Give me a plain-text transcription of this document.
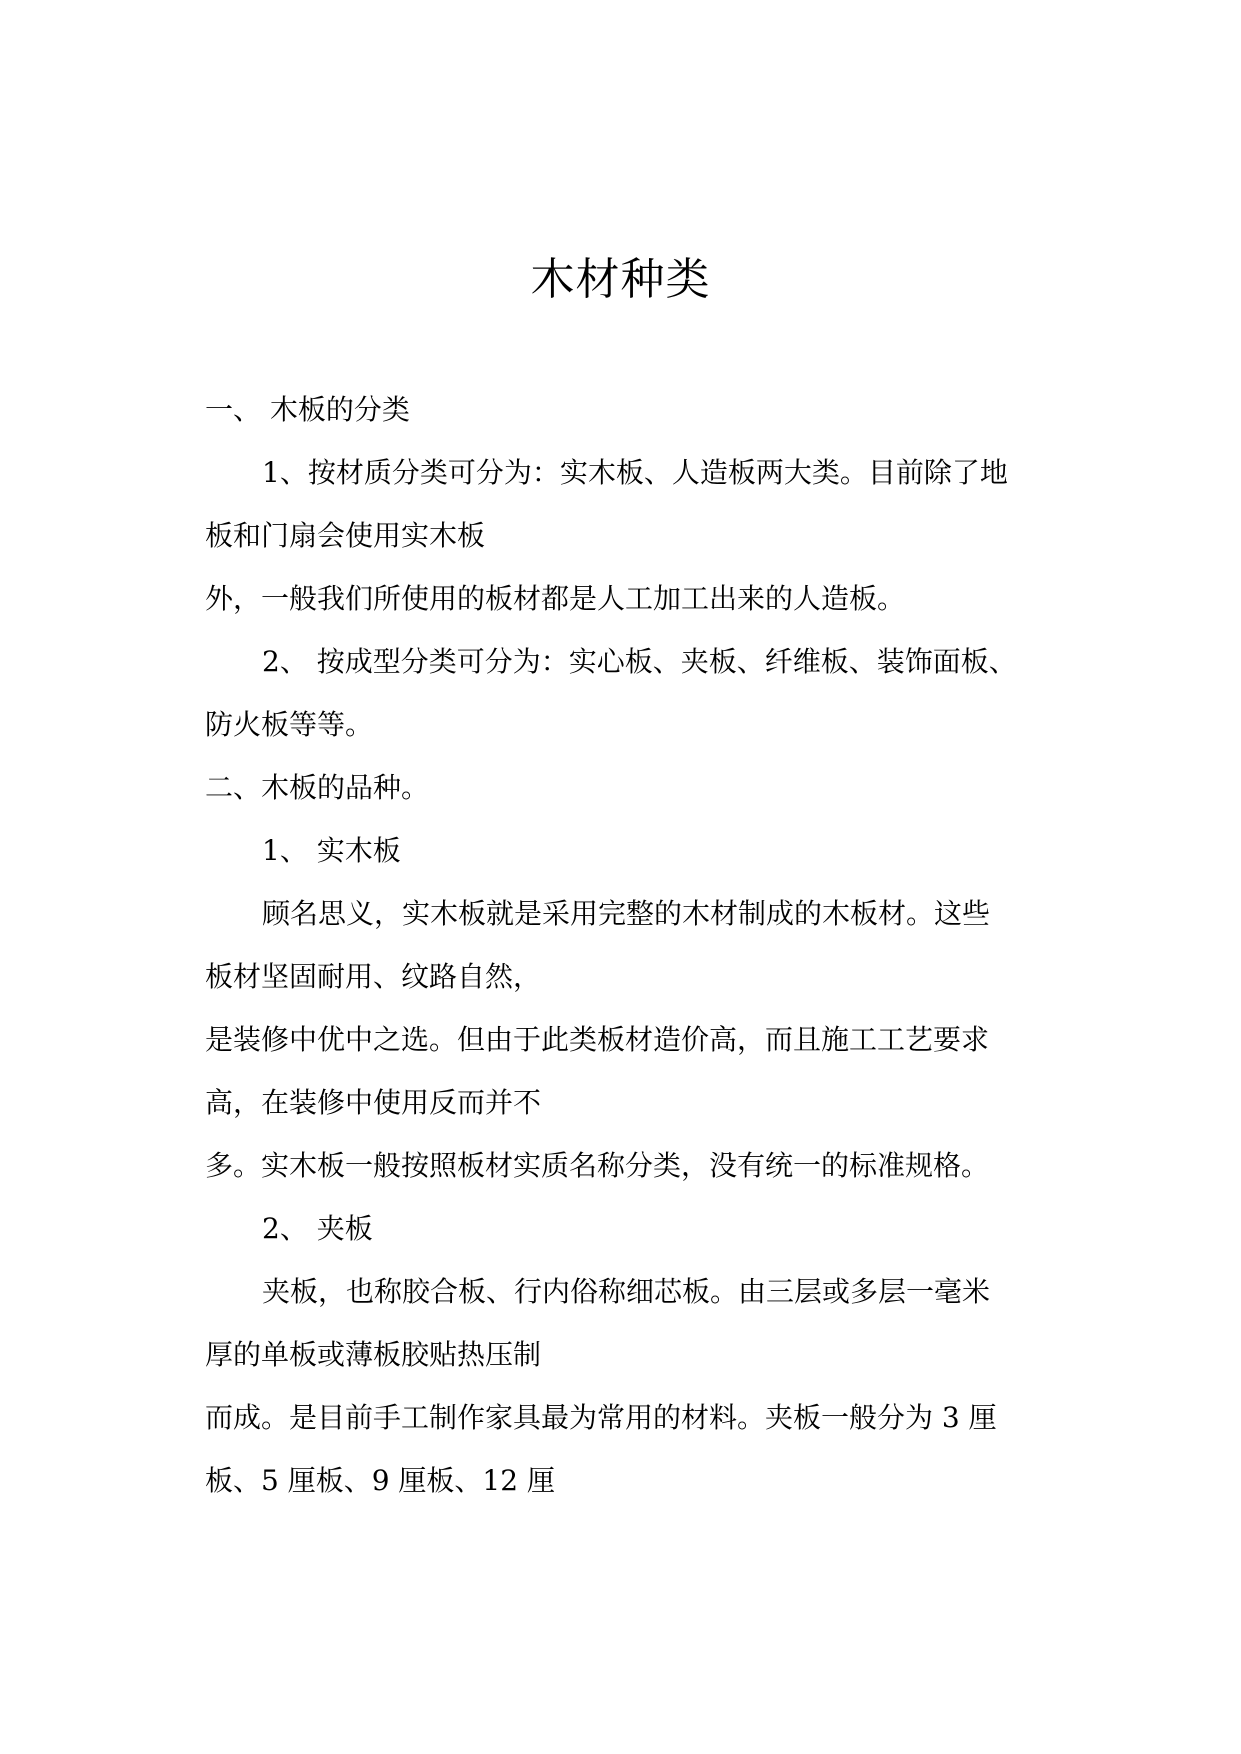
木材种类
一、 木板的分类
1、按材质分类可分为：实木板、人造板两大类。目前除了地
板和门扇会使用实木板
外，一般我们所使用的板材都是人工加工出来的人造板。
2、 按成型分类可分为：实心板、夹板、纤维板、装饰面板、
防火板等等。
二、木板的品种。
1、 实木板
顾名思义，实木板就是采用完整的木材制成的木板材。这些
板材坚固耐用、纹路自然，
是装修中优中之选。但由于此类板材造价高，而且施工工艺要求
高，在装修中使用反而并不
多。实木板一般按照板材实质名称分类，没有统一的标准规格。
2、 夹板
夹板，也称胶合板、行内俗称细芯板。由三层或多层一毫米
厚的单板或薄板胶贴热压制
而成。是目前手工制作家具最为常用的材料。夹板一般分为 3 厘
板、5 厘板、9 厘板、12 厘
